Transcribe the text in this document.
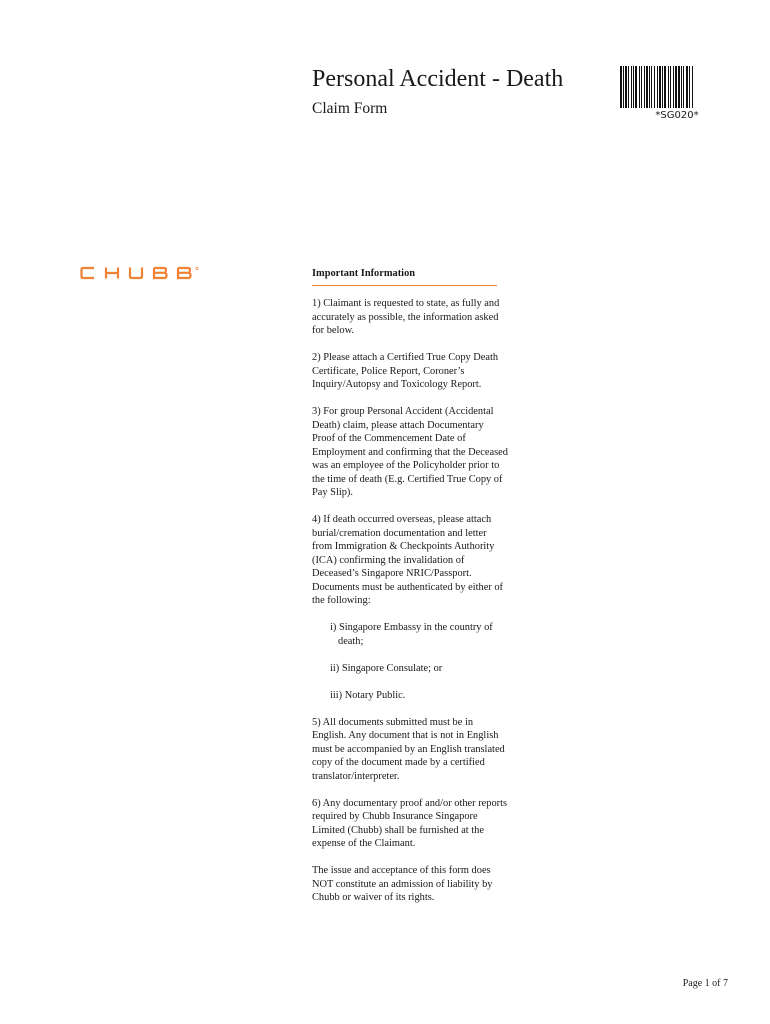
Personal Accident - Death
Claim Form	*SG020*
Important Information

1) Claimant is requested to state, as fully and accurately as possible, the information asked for below.

2) Please attach a Certified True Copy Death Certificate, Police Report, Coroner’s Inquiry/Autopsy and Toxicology Report.

3) For group Personal Accident (Accidental Death) claim, please attach Documentary Proof of the Commencement Date of Employment and confirming that the Deceased was an employee of the Policyholder prior to the time of death (E.g. Certified True Copy of Pay Slip).

4) If death occurred overseas, please attach burial/cremation documentation and letter from Immigration & Checkpoints Authority (ICA) confirming the invalidation of Deceased’s Singapore NRIC/Passport. Documents must be authenticated by either of the following:

i) Singapore Embassy in the country of death;

ii) Singapore Consulate; or

iii) Notary Public.

5) All documents submitted must be in English. Any document that is not in English must be accompanied by an English translated copy of the document made by a certified translator/interpreter.

6) Any documentary proof and/or other reports required by Chubb Insurance Singapore Limited (Chubb) shall be furnished at the expense of the Claimant.

The issue and acceptance of this form does NOT constitute an admission of liability by Chubb or waiver of its rights.

Page 1 of 7
